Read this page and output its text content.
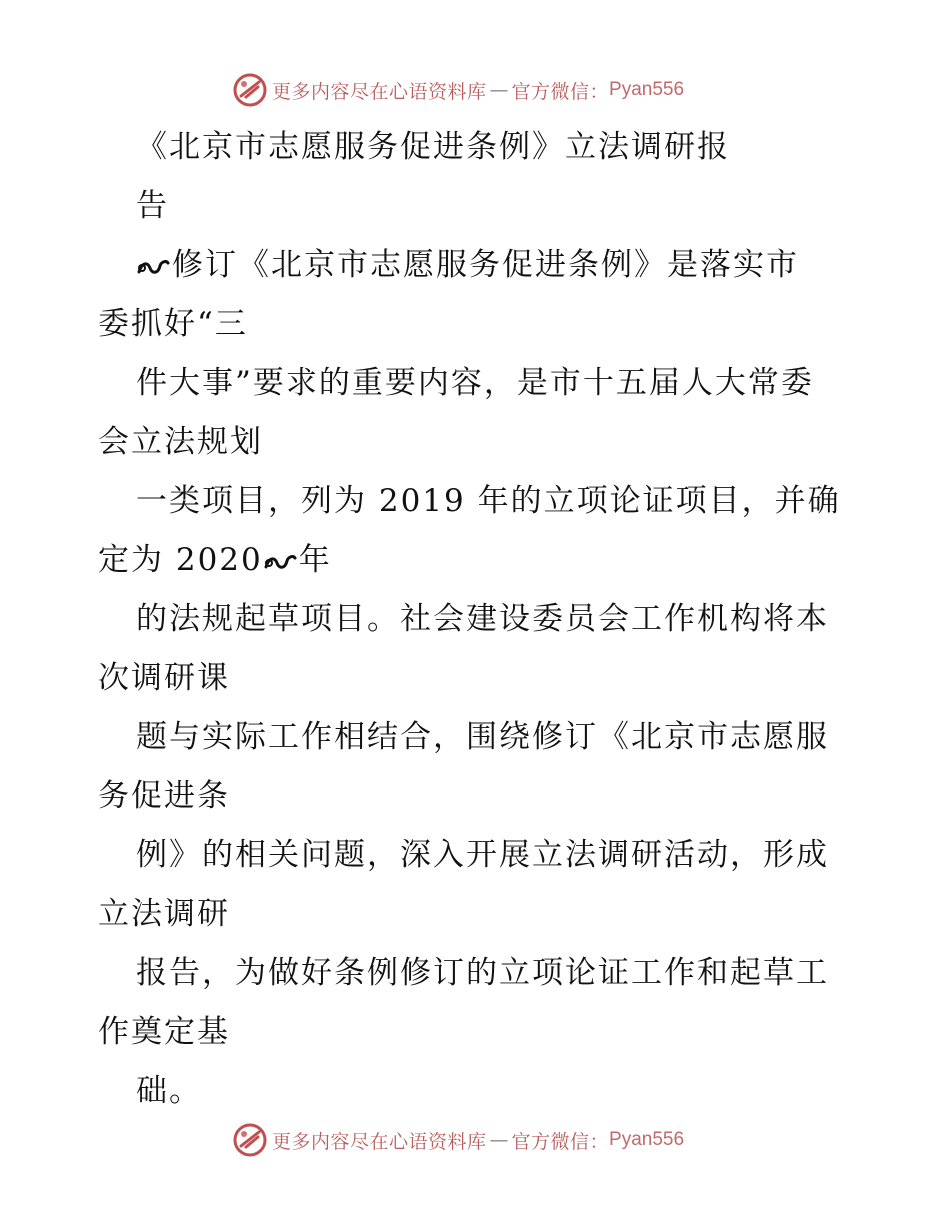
更多内容尽在心语资料库 — 官方微信： Pyan556
《北京市志愿服务促进条例》立法调研报
告
修订《北京市志愿服务促进条例》是落实市
委抓好“三
件大事”要求的重要内容，是市十五届人大常委
会立法规划
一类项目，列为 2019 年的立项论证项目，并确
定为 2020 年
的法规起草项目。社会建设委员会工作机构将本
次调研课
题与实际工作相结合，围绕修订《北京市志愿服
务促进条
例》的相关问题，深入开展立法调研活动，形成
立法调研
报告，为做好条例修订的立项论证工作和起草工
作奠定基
础。
更多内容尽在心语资料库 — 官方微信： Pyan556
